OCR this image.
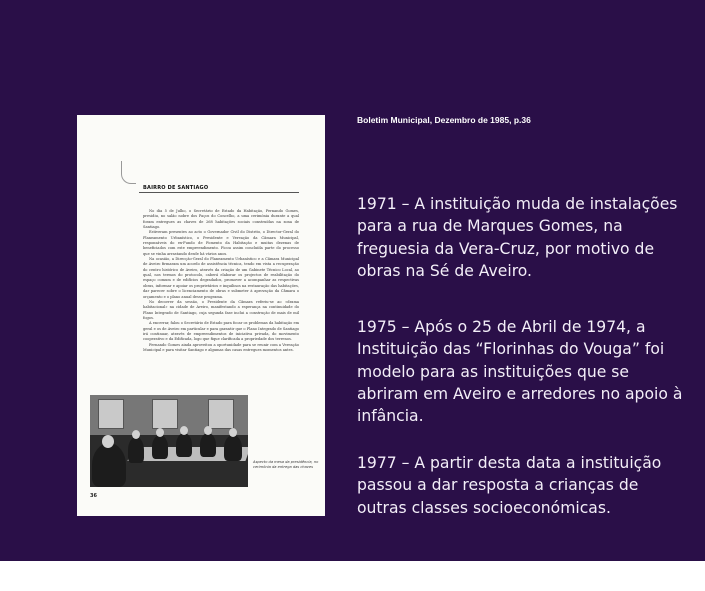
BAIRRO DE SANTIAGO

No dia 5 de Julho, o Secretário de Estado da Habitação, Fernando Gomes, presidiu, no salão nobre dos Paços do Concelho, a uma cerimónia durante a qual foram entregues as chaves de 268 habitações sociais construídas na zona de Santiago.

Estiveram presentes ao acto o Governador Civil do Distrito, o Director-Geral do Planeamento Urbanístico, o Presidente e Vereação da Câmara Municipal, responsáveis do ex-Fundo de Fomento da Habitação e muitas dezenas de beneficiados com este empreendimento. Ficou assim concluída parte do processo que se vinha arrastando desde há vários anos.

Na ocasião, a Direcção-Geral do Planeamento Urbanístico e a Câmara Municipal de Aveiro firmaram um acordo de assistência técnica, tendo em vista a recuperação do centro histórico de Aveiro, através da criação de um Gabinete Técnico Local, ao qual, nos termos do protocolo, caberá elaborar os projectos de reabilitação do espaço comum e de edifícios degradados, promover a acompanhar as respectivas obras, informar e apoiar os proprietários e inquilinos na restauração das habitações, dar parecer sobre o licenciamento de obras e submeter à aprovação da Câmara o orçamento e o plano anual desse programa.

No decorrer da sessão, o Presidente da Câmara referiu-se ao «drama habitacional» na cidade de Aveiro, manifestando a esperança na continuidade do Plano Integrado de Santiago, cuja segunda fase inclui a construção de mais de mil fogos.

A encerrar, falou o Secretário de Estado para focar os problemas da habitação em geral e os de Aveiro em particular e para garantir que o Plano Integrado de Santiago irá continuar, através de empreendimentos de iniciativa privada, do movimento cooperativo e da Edificada, logo que fique clarificada a propriedade dos terrenos.

Fernando Gomes ainda aproveitou a oportunidade para se reunir com a Vereação Municipal e para visitar Santiago e algumas das casas entregues momentos antes.

Aspecto da mesa da presidência, no cerimónia da entrega das chaves
36
Boletim Municipal, Dezembro de 1985, p.36

1971 – A instituição muda de instalações para a rua de Marques Gomes, na freguesia da Vera-Cruz, por motivo de obras na Sé de Aveiro.

1975 – Após o 25 de Abril de 1974, a Instituição das “Florinhas do Vouga” foi modelo para as instituições que se abriram em Aveiro e arredores no apoio à infância.

1977 – A partir desta data a instituição passou a dar resposta a crianças de outras classes socioeconómicas.
